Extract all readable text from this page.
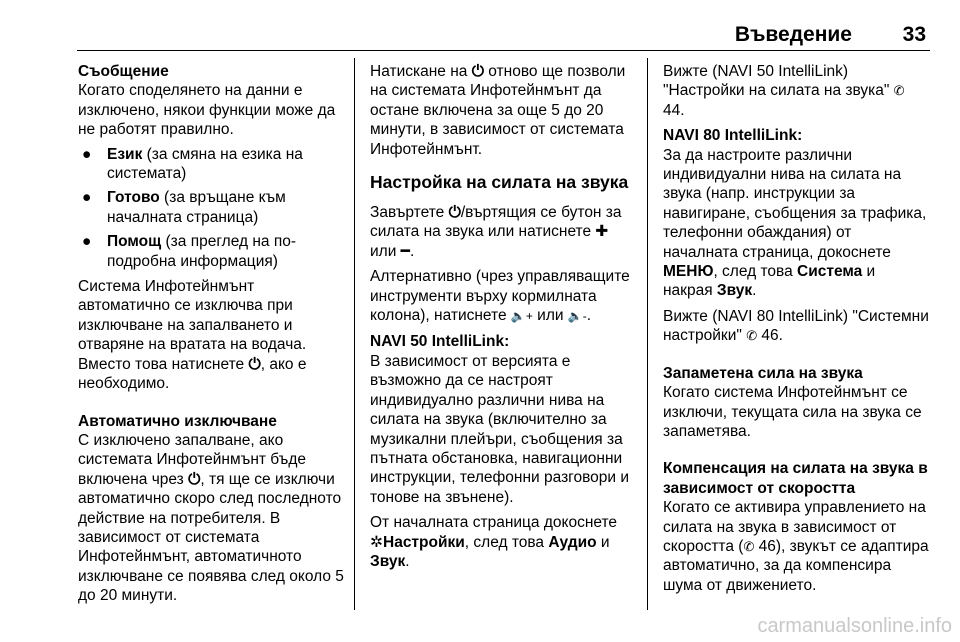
Въведение 33

Съобщение

Когато споделянето на данни е изключено, някои функции може да не работят правилно.

● Език (за смяна на езика на системата)
● Готово (за връщане към началната страница)
● Помощ (за преглед на по-подробна информация)

Система Инфотейнмънт автоматично се изключва при изключване на запалването и отваряне на вратата на водача. Вместо това натиснете ⏻, ако е необходимо.

Автоматично изключване

С изключено запалване, ако системата Инфотейнмънт бъде включена чрез ⏻, тя ще се изключи автоматично скоро след последното действие на потребителя. В зависимост от системата Инфотейнмънт, автоматичното изключване се появява след около 5 до 20 минути.

Натискане на ⏻ отново ще позволи на системата Инфотейнмънт да остане включена за още 5 до 20 минути, в зависимост от системата Инфотейнмънт.

Настройка на силата на звука

Завъртете ⏻/въртящия се бутон за силата на звука или натиснете ✚ или ━.

Алтернативно (чрез управляващите инструменти върху кормилната колона), натиснете 🔈+ или 🔈-.

NAVI 50 IntelliLink:

В зависимост от версията е възможно да се настроят индивидуално различни нива на силата на звука (включително за музикални плейъри, съобщения за пътната обстановка, навигационни инструкции, телефонни разговори и тонове на звънене).

От началната страница докоснете ✲Настройки, след това Аудио и Звук.

Вижте (NAVI 50 IntelliLink) "Настройки на силата на звука" ✆ 44.

NAVI 80 IntelliLink:

За да настроите различни индивидуални нива на силата на звука (напр. инструкции за навигиране, съобщения за трафика, телефонни обаждания) от началната страница, докоснете МЕНЮ, след това Система и накрая Звук.

Вижте (NAVI 80 IntelliLink) "Системни настройки" ✆ 46.

Запаметена сила на звука

Когато система Инфотейнмънт се изключи, текущата сила на звука се запаметява.

Компенсация на силата на звука в зависимост от скоростта

Когато се активира управлението на силата на звука в зависимост от скоростта (✆ 46), звукът се адаптира автоматично, за да компенсира шума от движението.

carmanualsonline.info
